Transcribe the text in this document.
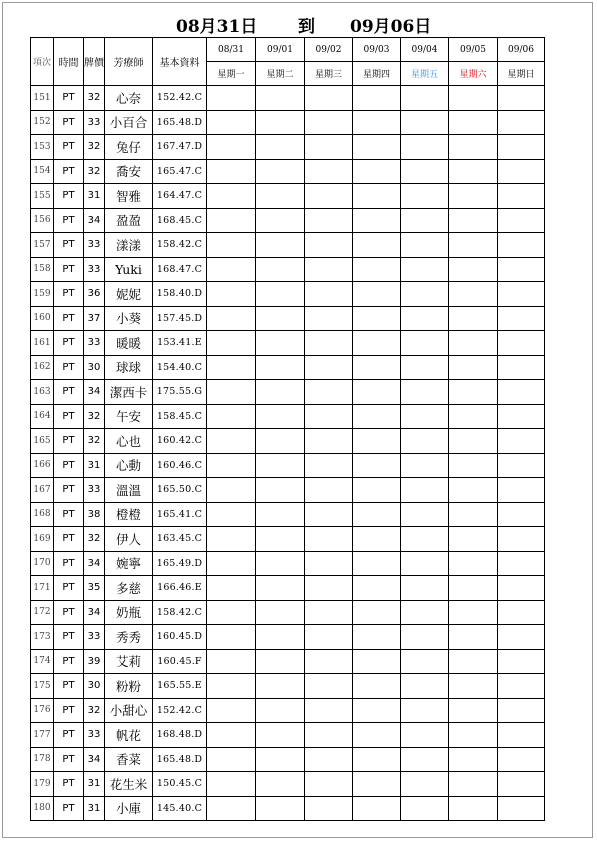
08月31日 到 09月06日
項次	時間	牌價	芳療師	基本資料	08/31	09/01	09/02	09/03	09/04	09/05	09/06
					星期一	星期二	星期三	星期四	星期五	星期六	星期日
151	PT	32	心奈	152.42.C							
152	PT	33	小百合	165.48.D							
153	PT	32	兔仔	167.47.D							
154	PT	32	喬安	165.47.C							
155	PT	31	智雅	164.47.C							
156	PT	34	盈盈	168.45.C							
157	PT	33	漾漾	158.42.C							
158	PT	33	Yuki	168.47.C							
159	PT	36	妮妮	158.40.D							
160	PT	37	小葵	157.45.D							
161	PT	33	暖暖	153.41.E							
162	PT	30	球球	154.40.C							
163	PT	34	潔西卡	175.55.G							
164	PT	32	午安	158.45.C							
165	PT	32	心也	160.42.C							
166	PT	31	心動	160.46.C							
167	PT	33	溫溫	165.50.C							
168	PT	38	橙橙	165.41.C							
169	PT	32	伊人	163.45.C							
170	PT	34	婉寧	165.49.D							
171	PT	35	多慈	166.46.E							
172	PT	34	奶瓶	158.42.C							
173	PT	33	秀秀	160.45.D							
174	PT	39	艾莉	160.45.F							
175	PT	30	粉粉	165.55.E							
176	PT	32	小甜心	152.42.C							
177	PT	33	帆花	168.48.D							
178	PT	34	香菜	165.48.D							
179	PT	31	花生米	150.45.C							
180	PT	31	小庫	145.40.C							
